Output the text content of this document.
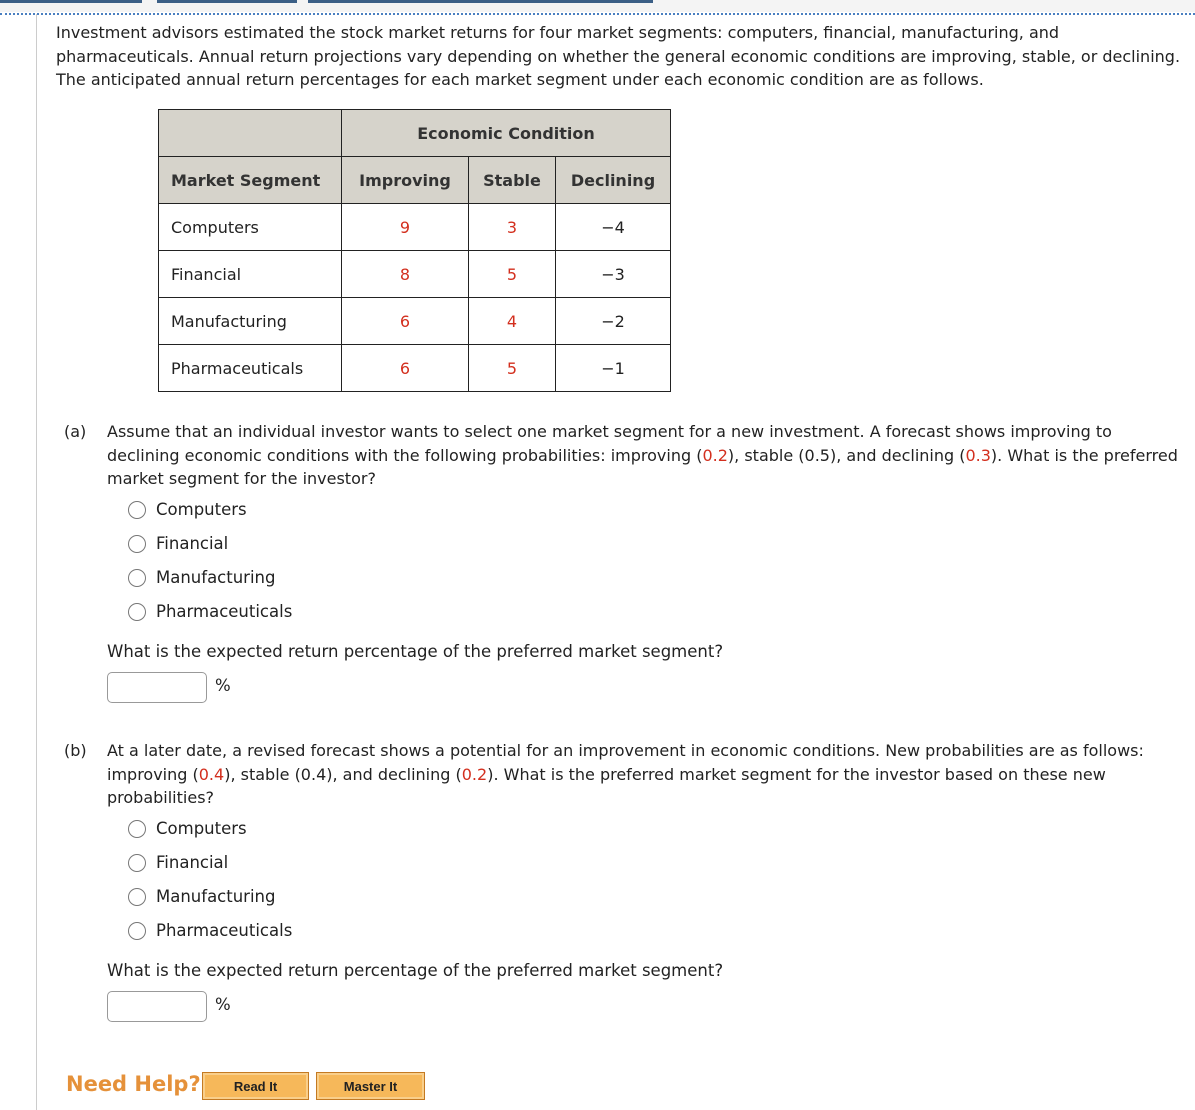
Investment advisors estimated the stock market returns for four market segments: computers, financial, manufacturing, and pharmaceuticals. Annual return projections vary depending on whether the general economic conditions are improving, stable, or declining. The anticipated annual return percentages for each market segment under each economic condition are as follows.
	Economic Condition		
Market Segment	Improving	Stable	Declining
Computers	9	3	−4
Financial	8	5	−3
Manufacturing	6	4	−2
Pharmaceuticals	6	5	−1
(a) Assume that an individual investor wants to select one market segment for a new investment. A forecast shows improving to declining economic conditions with the following probabilities: improving (0.2), stable (0.5), and declining (0.3). What is the preferred market segment for the investor?
Computers
Financial
Manufacturing
Pharmaceuticals
What is the expected return percentage of the preferred market segment?
%
(b) At a later date, a revised forecast shows a potential for an improvement in economic conditions. New probabilities are as follows: improving (0.4), stable (0.4), and declining (0.2). What is the preferred market segment for the investor based on these new probabilities?
Computers
Financial
Manufacturing
Pharmaceuticals
What is the expected return percentage of the preferred market segment?
%
Need Help?	Read It	Master It
